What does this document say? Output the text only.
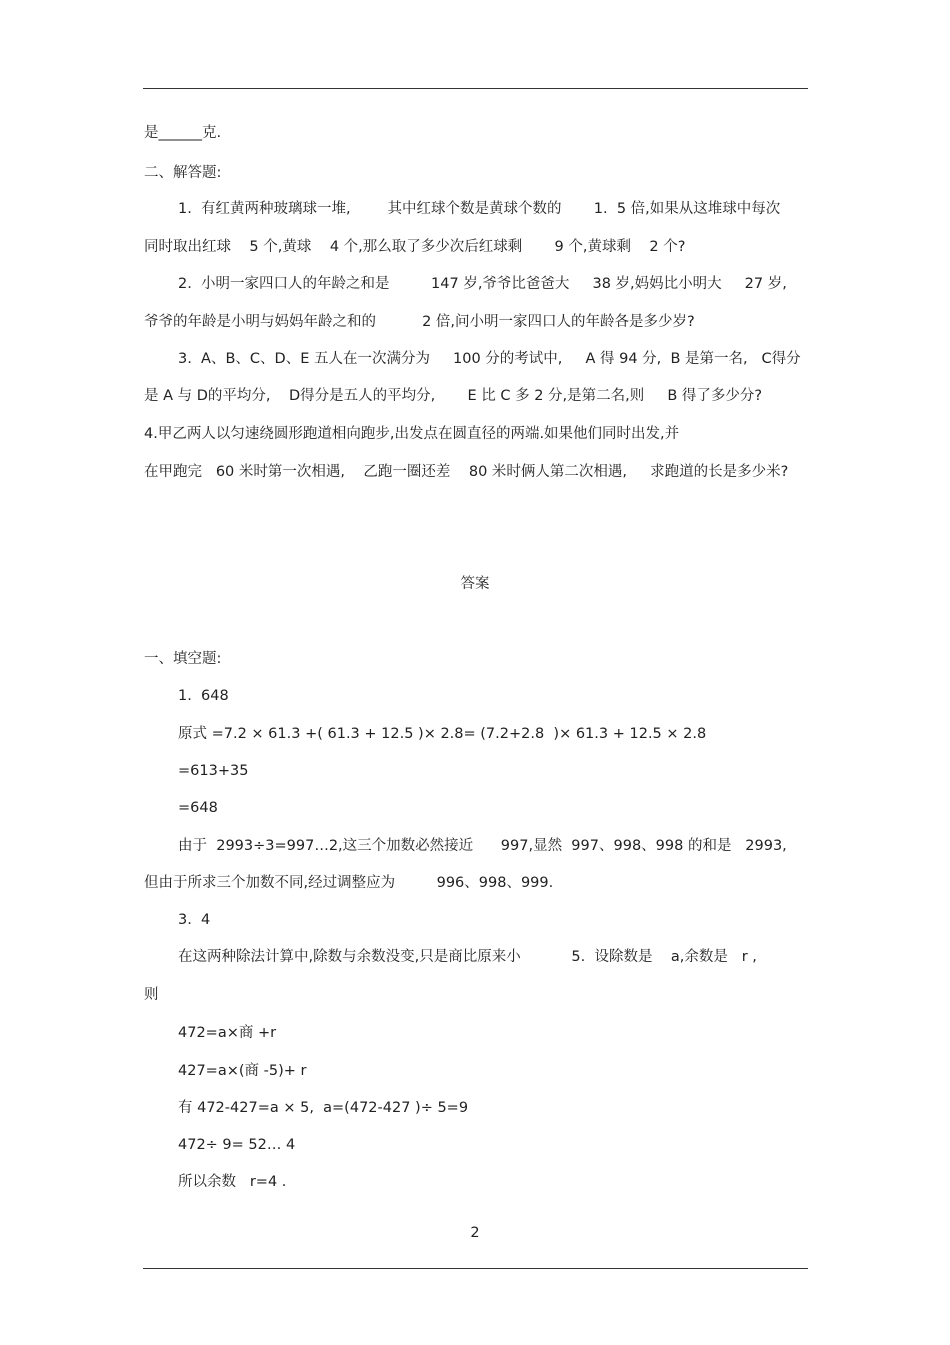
是______克.
二、解答题:
1.  有红黄两种玻璃球一堆,        其中红球个数是黄球个数的       1.  5 倍,如果从这堆球中每次
同时取出红球    5 个,黄球    4 个,那么取了多少次后红球剩       9 个,黄球剩    2 个?
2.  小明一家四口人的年龄之和是         147 岁,爷爷比爸爸大     38 岁,妈妈比小明大     27 岁,
爷爷的年龄是小明与妈妈年龄之和的          2 倍,问小明一家四口人的年龄各是多少岁?
3.  A、B、C、D、E 五人在一次满分为     100 分的考试中,     A 得 94 分,  B 是第一名,   C得分
是 A 与 D的平均分,    D得分是五人的平均分,       E 比 C 多 2 分,是第二名,则     B 得了多少分?
4.甲乙两人以匀速绕圆形跑道相向跑步,出发点在圆直径的两端.如果他们同时出发,并
在甲跑完   60 米时第一次相遇,    乙跑一圈还差    80 米时俩人第二次相遇,     求跑道的长是多少米?
答案
一、填空题:
1.  648
原式 =7.2 × 61.3 +( 61.3 + 12.5 )× 2.8= (7.2+2.8  )× 61.3 + 12.5 × 2.8
=613+35
=648
由于  2993÷3=997…2,这三个加数必然接近      997,显然  997、998、998 的和是   2993,
但由于所求三个加数不同,经过调整应为         996、998、999.
3.  4
在这两种除法计算中,除数与余数没变,只是商比原来小           5.  设除数是    a,余数是   r ,
则
472=a×商 +r
427=a×(商 -5)+ r
有 472-427=a × 5,  a=(472-427 )÷ 5=9
472÷ 9= 52… 4
所以余数   r=4 .
2
